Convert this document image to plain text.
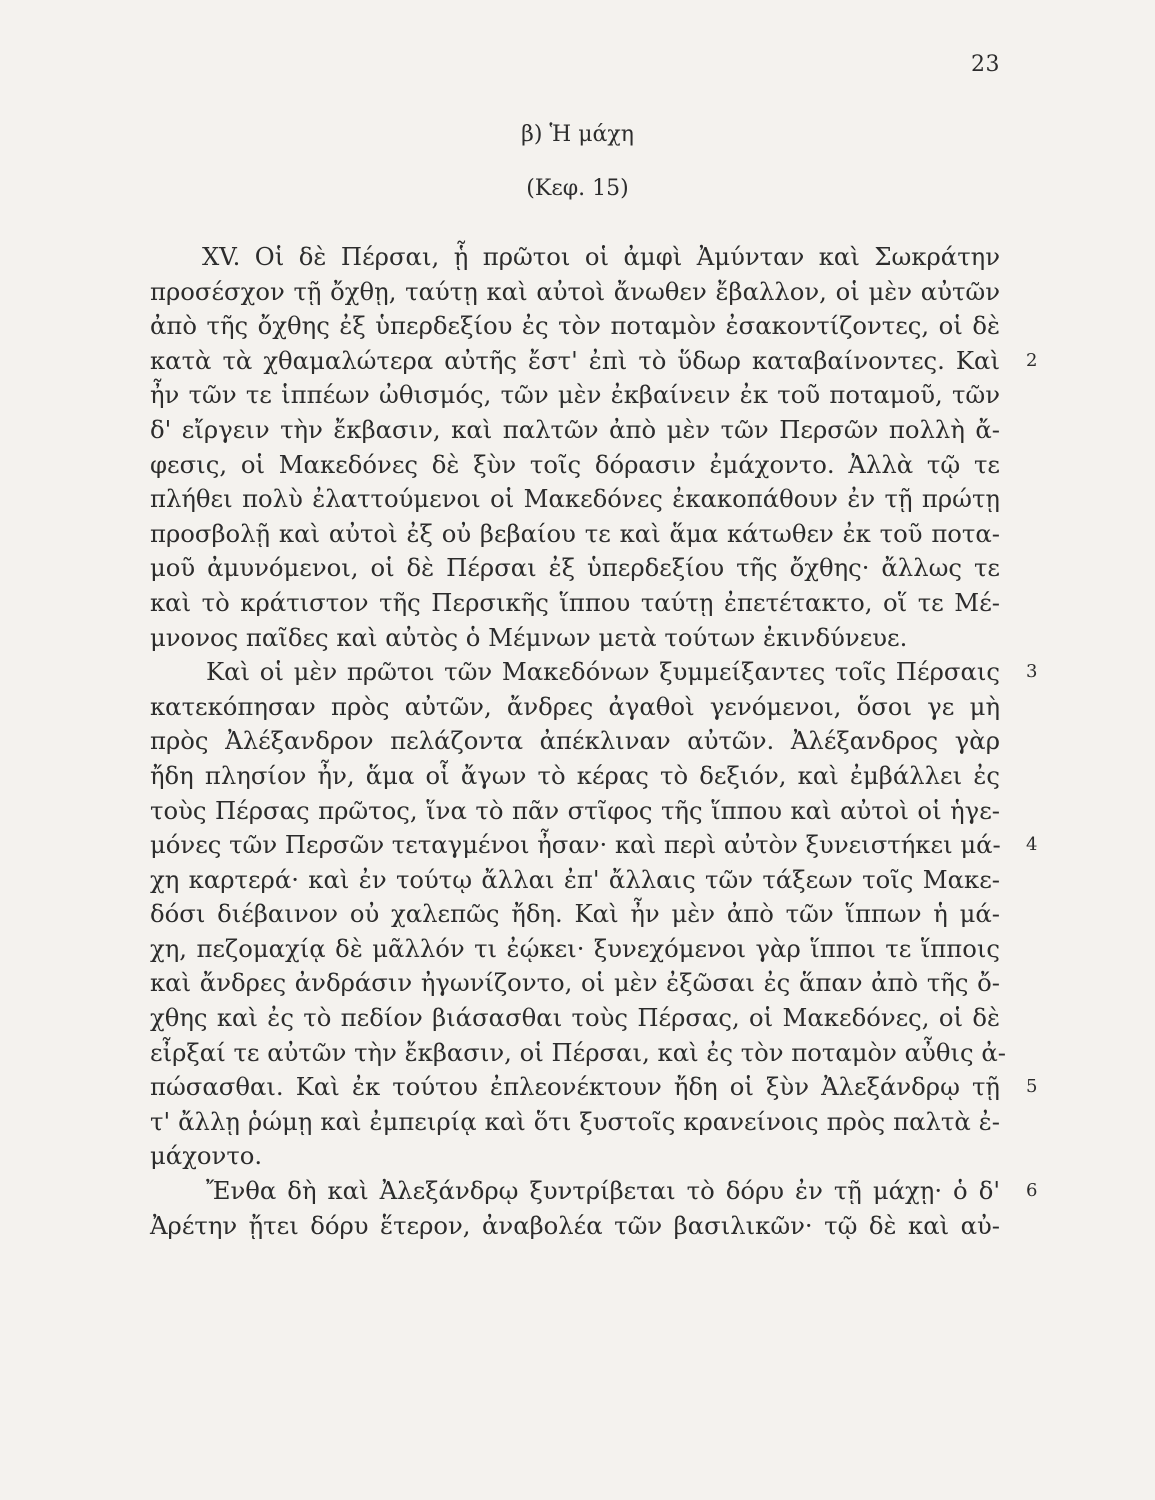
23
β) Ἡ μάχη
(Κεφ. 15)
XV. Οἱ δὲ Πέρσαι, ᾗ πρῶτοι οἱ ἀμφὶ Ἀμύνταν καὶ Σωκράτην
προσέσχον τῇ ὄχθῃ, ταύτῃ καὶ αὐτοὶ ἄνωθεν ἔβαλλον, οἱ μὲν αὐτῶν
ἀπὸ τῆς ὄχθης ἐξ ὑπερδεξίου ἐς τὸν ποταμὸν ἐσακοντίζοντες, οἱ δὲ
κατὰ τὰ χθαμαλώτερα αὐτῆς ἔστ' ἐπὶ τὸ ὕδωρ καταβαίνοντες. Καὶ 2
ἦν τῶν τε ἱππέων ὠθισμός, τῶν μὲν ἐκβαίνειν ἐκ τοῦ ποταμοῦ, τῶν
δ' εἴργειν τὴν ἔκβασιν, καὶ παλτῶν ἀπὸ μὲν τῶν Περσῶν πολλὴ ἄ-
φεσις, οἱ Μακεδόνες δὲ ξὺν τοῖς δόρασιν ἐμάχοντο. Ἀλλὰ τῷ τε
πλήθει πολὺ ἐλαττούμενοι οἱ Μακεδόνες ἐκακοπάθουν ἐν τῇ πρώτῃ
προσβολῇ καὶ αὐτοὶ ἐξ οὐ βεβαίου τε καὶ ἅμα κάτωθεν ἐκ τοῦ ποτα-
μοῦ ἀμυνόμενοι, οἱ δὲ Πέρσαι ἐξ ὑπερδεξίου τῆς ὄχθης· ἄλλως τε
καὶ τὸ κράτιστον τῆς Περσικῆς ἵππου ταύτῃ ἐπετέτακτο, οἵ τε Μέ-
μνονος παῖδες καὶ αὐτὸς ὁ Μέμνων μετὰ τούτων ἐκινδύνευε.
Καὶ οἱ μὲν πρῶτοι τῶν Μακεδόνων ξυμμείξαντες τοῖς Πέρσαις 3
κατεκόπησαν πρὸς αὐτῶν, ἄνδρες ἀγαθοὶ γενόμενοι, ὅσοι γε μὴ
πρὸς Ἀλέξανδρον πελάζοντα ἀπέκλιναν αὐτῶν. Ἀλέξανδρος γὰρ
ἤδη πλησίον ἦν, ἅμα οἷ ἄγων τὸ κέρας τὸ δεξιόν, καὶ ἐμβάλλει ἐς
τοὺς Πέρσας πρῶτος, ἵνα τὸ πᾶν στῖφος τῆς ἵππου καὶ αὐτοὶ οἱ ἡγε-
μόνες τῶν Περσῶν τεταγμένοι ἦσαν· καὶ περὶ αὐτὸν ξυνειστήκει μά- 4
χη καρτερά· καὶ ἐν τούτῳ ἄλλαι ἐπ' ἄλλαις τῶν τάξεων τοῖς Μακε-
δόσι διέβαινον οὐ χαλεπῶς ἤδη. Καὶ ἦν μὲν ἀπὸ τῶν ἵππων ἡ μά-
χη, πεζομαχίᾳ δὲ μᾶλλόν τι ἐῴκει· ξυνεχόμενοι γὰρ ἵπποι τε ἵπποις
καὶ ἄνδρες ἀνδράσιν ἠγωνίζοντο, οἱ μὲν ἐξῶσαι ἐς ἅπαν ἀπὸ τῆς ὄ-
χθης καὶ ἐς τὸ πεδίον βιάσασθαι τοὺς Πέρσας, οἱ Μακεδόνες, οἱ δὲ
εἶρξαί τε αὐτῶν τὴν ἔκβασιν, οἱ Πέρσαι, καὶ ἐς τὸν ποταμὸν αὖθις ἀ-
πώσασθαι. Καὶ ἐκ τούτου ἐπλεονέκτουν ἤδη οἱ ξὺν Ἀλεξάνδρῳ τῇ 5
τ' ἄλλῃ ῥώμῃ καὶ ἐμπειρίᾳ καὶ ὅτι ξυστοῖς κρανείνοις πρὸς παλτὰ ἐ-
μάχοντο.
Ἔνθα δὴ καὶ Ἀλεξάνδρῳ ξυντρίβεται τὸ δόρυ ἐν τῇ μάχῃ· ὁ δ' 6
Ἀρέτην ᾔτει δόρυ ἕτερον, ἀναβολέα τῶν βασιλικῶν· τῷ δὲ καὶ αὐ-
